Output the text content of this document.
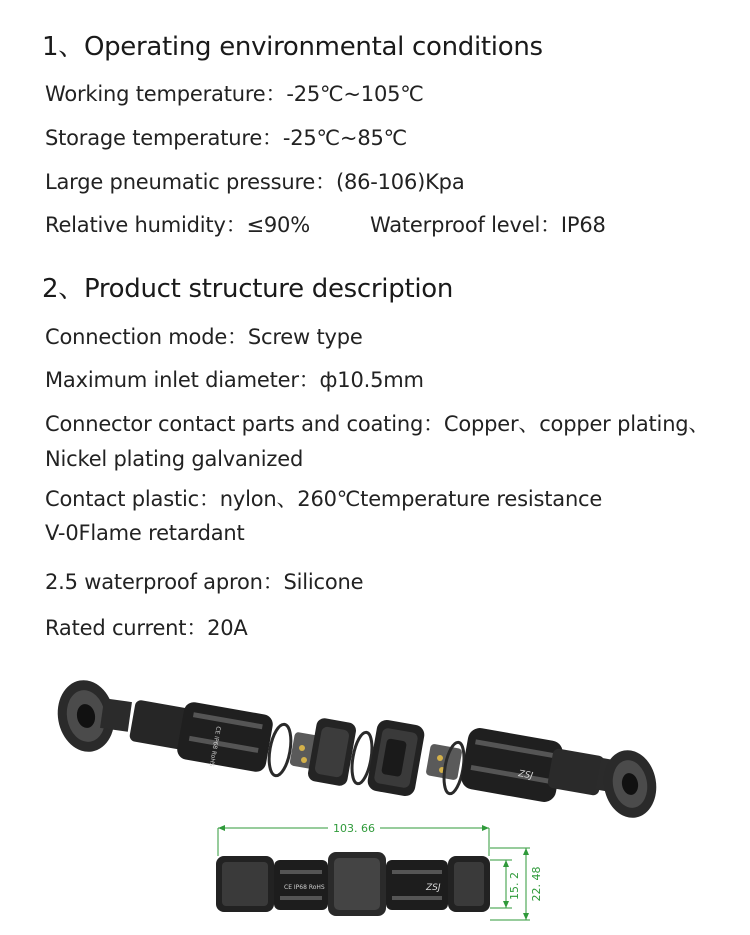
1、Operating environmental conditions
Working temperature：-25℃~105℃
Storage temperature：-25℃~85℃
Large pneumatic pressure：(86-106)Kpa
Relative humidity：≤90%	Waterproof level：IP68
2、Product structure description
Connection mode：Screw type
Maximum inlet diameter：ф10.5mm
Connector contact parts and coating：Copper、copper plating、
Nickel plating galvanized
Contact plastic：nylon、260℃temperature resistance
V-0Flame retardant
2.5 waterproof apron：Silicone
Rated current：20A
CE IP68 RoHS
ZSJ
103. 66
CE IP68 RoHS	ZSJ	15. 2 22. 48
